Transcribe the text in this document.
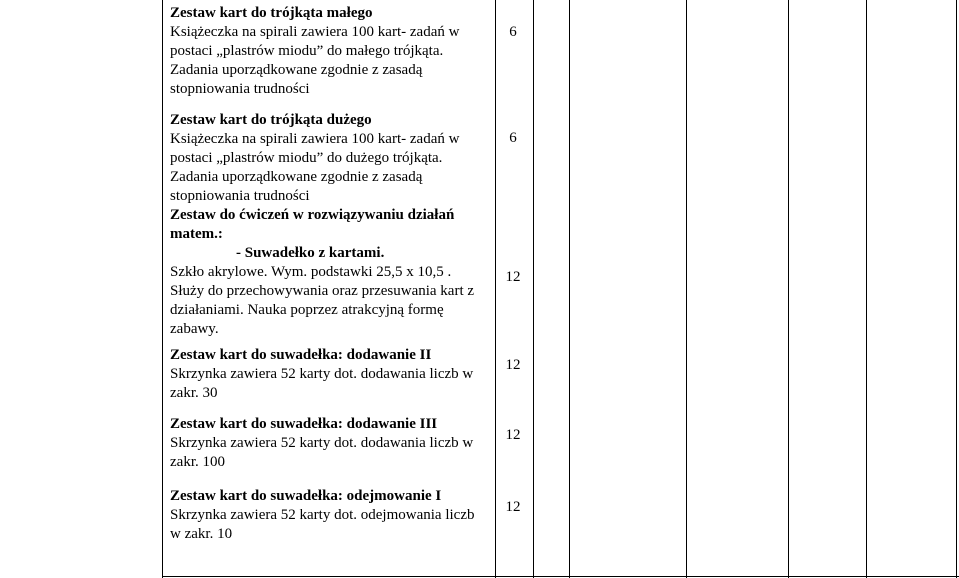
Zestaw kart do trójkąta małego
Książeczka na spirali zawiera 100 kart- zadań w
postaci „plastrów miodu” do małego trójkąta.
Zadania uporządkowane zgodnie z zasadą
stopniowania trudności
6
Zestaw kart do trójkąta dużego
Książeczka na spirali zawiera 100 kart- zadań w
postaci „plastrów miodu” do dużego trójkąta.
Zadania uporządkowane zgodnie z zasadą
stopniowania trudności
6
Zestaw do ćwiczeń w rozwiązywaniu działań
matem.:
- Suwadełko z kartami.
Szkło akrylowe. Wym. podstawki 25,5 x 10,5 .
Służy do przechowywania oraz przesuwania kart z
działaniami. Nauka poprzez atrakcyjną formę
zabawy.
12
Zestaw kart do suwadełka: dodawanie II
Skrzynka zawiera 52 karty dot. dodawania liczb w
zakr. 30
12
Zestaw kart do suwadełka: dodawanie III
Skrzynka zawiera 52 karty dot. dodawania liczb w
zakr. 100
12
Zestaw kart do suwadełka: odejmowanie I
Skrzynka zawiera 52 karty dot. odejmowania liczb
w zakr. 10
12
